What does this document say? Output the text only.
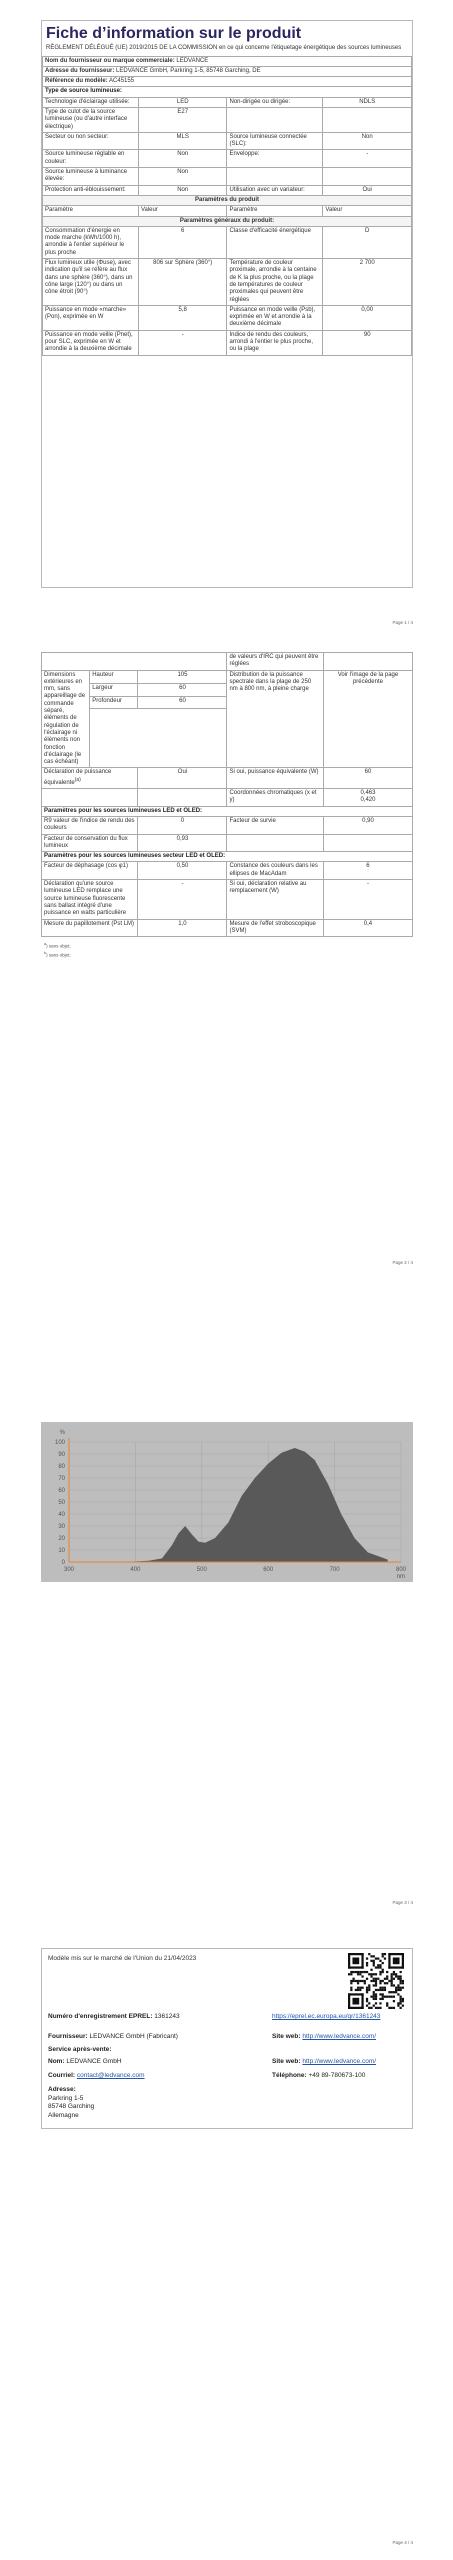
Fiche d’information sur le produit
RÈGLEMENT DÉLÉGUÉ (UE) 2019/2015 DE LA COMMISSION en ce qui concerne l'étiquetage énergétique des sources lumineuses
Nom du fournisseur ou marque commerciale: LEDVANCE			
Adresse du fournisseur: LEDVANCE GmbH, Parkring 1-5, 85748 Garching, DE			
Référence du modèle: AC45155			
Type de source lumineuse:			
Technologie d'éclairage utilisée:	LED	Non-dirigée ou dirigée:	NDLS
Type de culot de la source lumineuse (ou d'autre interface électrique)	E27		
Secteur ou non secteur:	MLS	Source lumineuse connectée (SLC):	Non
Source lumineuse réglable en couleur:	Non	Enveloppe:	-
Source lumineuse à luminance élevée:	Non		
Protection anti-éblouissement:	Non	Utilisation avec un variateur:	Oui
Paramètres du produit			
Paramètre	Valeur	Paramètre	Valeur
Paramètres généraux du produit:			
Consommation d'énergie en mode marche (kWh/1000 h), arrondie à l'entier supérieur le plus proche	6	Classe d'efficacité énergétique	D
Flux lumineux utile (Φuse), avec indication qu'il se réfère au flux dans une sphère (360°), dans un cône large (120°) ou dans un cône étroit (90°)	806 sur Sphère (360°)	Température de couleur proximale, arrondie à la centaine de K la plus proche, ou la plage de températures de couleur proximales qui peuvent être réglées	2 700
Puissance en mode «marche» (Pon), exprimée en W	5,8	Puissance en mode veille (Psb), exprimée en W et arrondie à la deuxième décimale	0,00
Puissance en mode veille (Pnet), pour SLC, exprimée en W et arrondie à la deuxième décimale	-	Indice de rendu des couleurs, arrondi à l'entier le plus proche, ou la plage	90
Page 1 / 4
			de valeurs d'IRC qui peuvent être réglées	
Dimensions extérieures en mm, sans appareillage de commande séparé, éléments de régulation de l'éclairage ni éléments non fonction d'éclairage (le cas échéant)	Hauteur	105	Distribution de la puissance spectrale dans la plage de 250 nm à 800 nm, à pleine charge	Voir l'image de la page précédente
	Largeur	60		
	Profondeur	60		

Déclaration de puissance équivalente$^{(a)}$		Oui	Si oui, puissance équivalente (W)	60
			Coordonnées chromatiques (x et y)	0,463
0,420

Paramètres pour les sources lumineuses LED et OLED:				
R9 valeur de l'indice de rendu des couleurs		0	Facteur de survie	0,90
Facteur de conservation du flux lumineux		0,93		
Paramètres pour les sources lumineuses secteur LED et OLED:				
Facteur de déphasage (cos φ1)		0,50	Constance des couleurs dans les ellipses de MacAdam	6
Déclaration qu'une source lumineuse LED remplace une source lumineuse fluorescente sans ballast intégré d'une puissance en watts particulière		-	Si oui, déclaration relative au remplacement (W)	-
Mesure du papillotement (Pst LM)		1,0	Mesure de l'effet stroboscopique (SVM)	0,4
$^a$) sans objet;
$^b$) sans objet;
Page 2 / 4
0
10
20
30
40
50
60
70
80
90
100
300	400	500	600	700	800
%
nm
Page 3 / 4
Modèle mis sur le marché de l'Union du 21/04/2023
Numéro d'enregistrement EPREL: 1361243	https://eprel.ec.europa.eu/qr/1361243
Fournisseur: LEDVANCE GmbH (Fabricant)	Site web: http://www.ledvance.com/
Service après-vente:
Nom: LEDVANCE GmbH	Site web: http://www.ledvance.com/
Courriel: contact@ledvance.com	Téléphone: +49 89-780673-100
Adresse:
Parkring 1-5
85748 Garching
Allemagne
Page 4 / 4
